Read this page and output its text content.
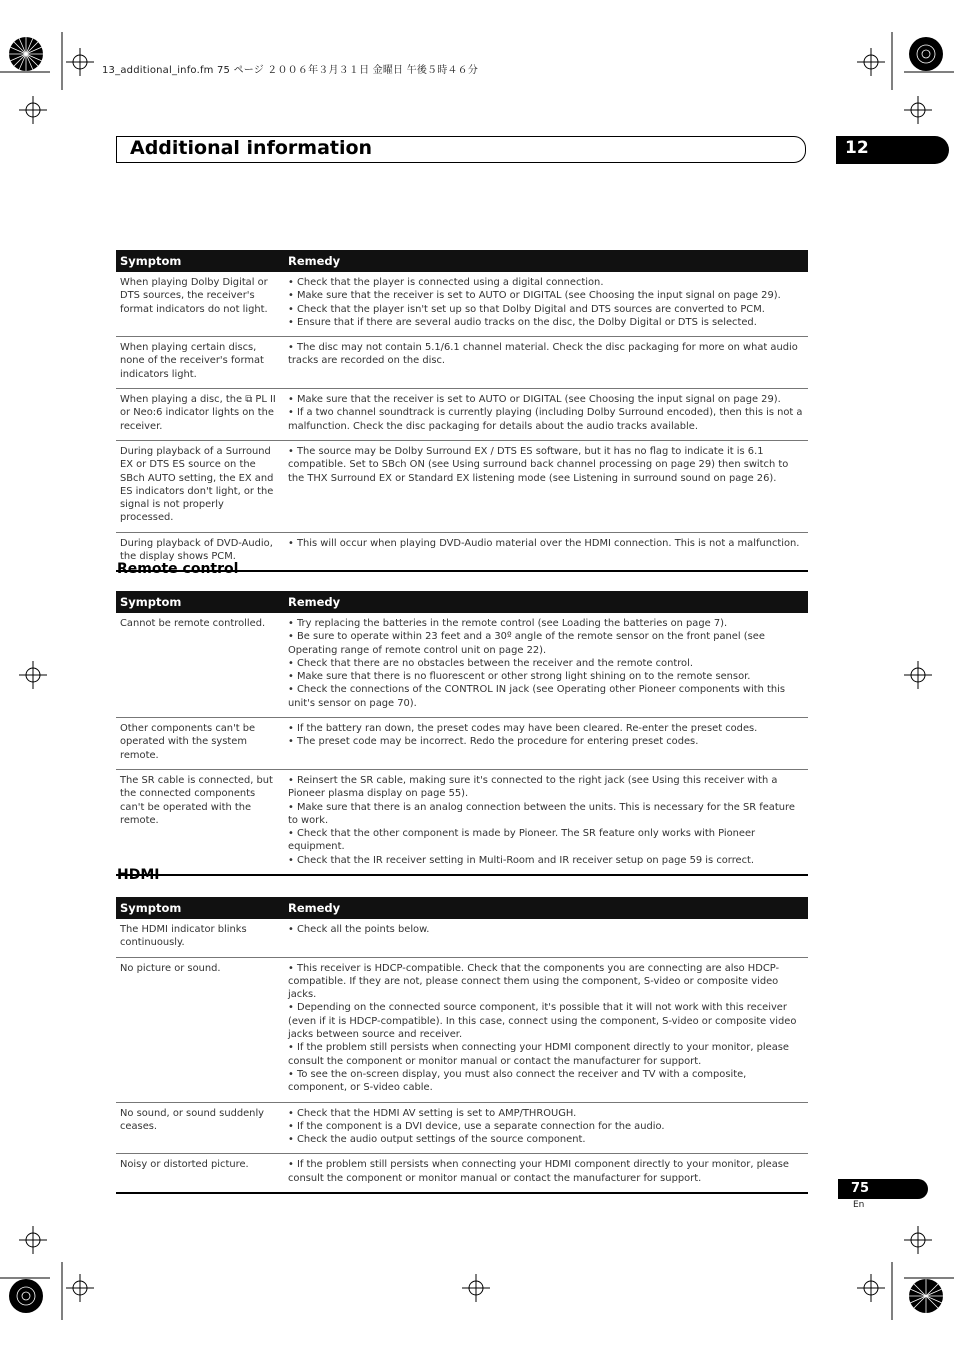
13_additional_info.fm 75 ページ ２００６年３月３１日 金曜日 午後５時４６分
Additional information	12
Symptom	Remedy
When playing Dolby Digital or DTS sources, the receiver's format indicators do not light.	• Check that the player is connected using a digital connection.
• Make sure that the receiver is set to AUTO or DIGITAL (see Choosing the input signal on page 29).
• Check that the player isn't set up so that Dolby Digital and DTS sources are converted to PCM.
• Ensure that if there are several audio tracks on the disc, the Dolby Digital or DTS is selected.
When playing certain discs, none of the receiver's format indicators light.	• The disc may not contain 5.1/6.1 channel material. Check the disc packaging for more on what audio tracks are recorded on the disc.
When playing a disc, the ⧉ PL II or Neo:6 indicator lights on the receiver.	• Make sure that the receiver is set to AUTO or DIGITAL (see Choosing the input signal on page 29).
• If a two channel soundtrack is currently playing (including Dolby Surround encoded), then this is not a malfunction. Check the disc packaging for details about the audio tracks available.
During playback of a Surround EX or DTS ES source on the SBch AUTO setting, the EX and ES indicators don't light, or the signal is not properly processed.	• The source may be Dolby Surround EX / DTS ES software, but it has no flag to indicate it is 6.1 compatible. Set to SBch ON (see Using surround back channel processing on page 29) then switch to the THX Surround EX or Standard EX listening mode (see Listening in surround sound on page 26).
During playback of DVD-Audio, the display shows PCM.	• This will occur when playing DVD-Audio material over the HDMI connection. This is not a malfunction.
Remote control
Symptom	Remedy
Cannot be remote controlled.	• Try replacing the batteries in the remote control (see Loading the batteries on page 7).
• Be sure to operate within 23 feet and a 30º angle of the remote sensor on the front panel (see Operating range of remote control unit on page 22).
• Check that there are no obstacles between the receiver and the remote control.
• Make sure that there is no fluorescent or other strong light shining on to the remote sensor.
• Check the connections of the CONTROL IN jack (see Operating other Pioneer components with this unit's sensor on page 70).
Other components can't be operated with the system remote.	• If the battery ran down, the preset codes may have been cleared. Re-enter the preset codes.
• The preset code may be incorrect. Redo the procedure for entering preset codes.
The SR cable is connected, but the connected components can't be operated with the remote.	• Reinsert the SR cable, making sure it's connected to the right jack (see Using this receiver with a Pioneer plasma display on page 55).
• Make sure that there is an analog connection between the units. This is necessary for the SR feature to work.
• Check that the other component is made by Pioneer. The SR feature only works with Pioneer equipment.
• Check that the IR receiver setting in Multi-Room and IR receiver setup on page 59 is correct.
HDMI
Symptom	Remedy
The HDMI indicator blinks continuously.	• Check all the points below.
No picture or sound.	• This receiver is HDCP-compatible. Check that the components you are connecting are also HDCP-compatible. If they are not, please connect them using the component, S-video or composite video jacks.
• Depending on the connected source component, it's possible that it will not work with this receiver (even if it is HDCP-compatible). In this case, connect using the component, S-video or composite video jacks between source and receiver.
• If the problem still persists when connecting your HDMI component directly to your monitor, please consult the component or monitor manual or contact the manufacturer for support.
• To see the on-screen display, you must also connect the receiver and TV with a composite, component, or S-video cable.
No sound, or sound suddenly ceases.	• Check that the HDMI AV setting is set to AMP/THROUGH.
• If the component is a DVI device, use a separate connection for the audio.
• Check the audio output settings of the source component.
Noisy or distorted picture.	• If the problem still persists when connecting your HDMI component directly to your monitor, please consult the component or monitor manual or contact the manufacturer for support.
75
En
